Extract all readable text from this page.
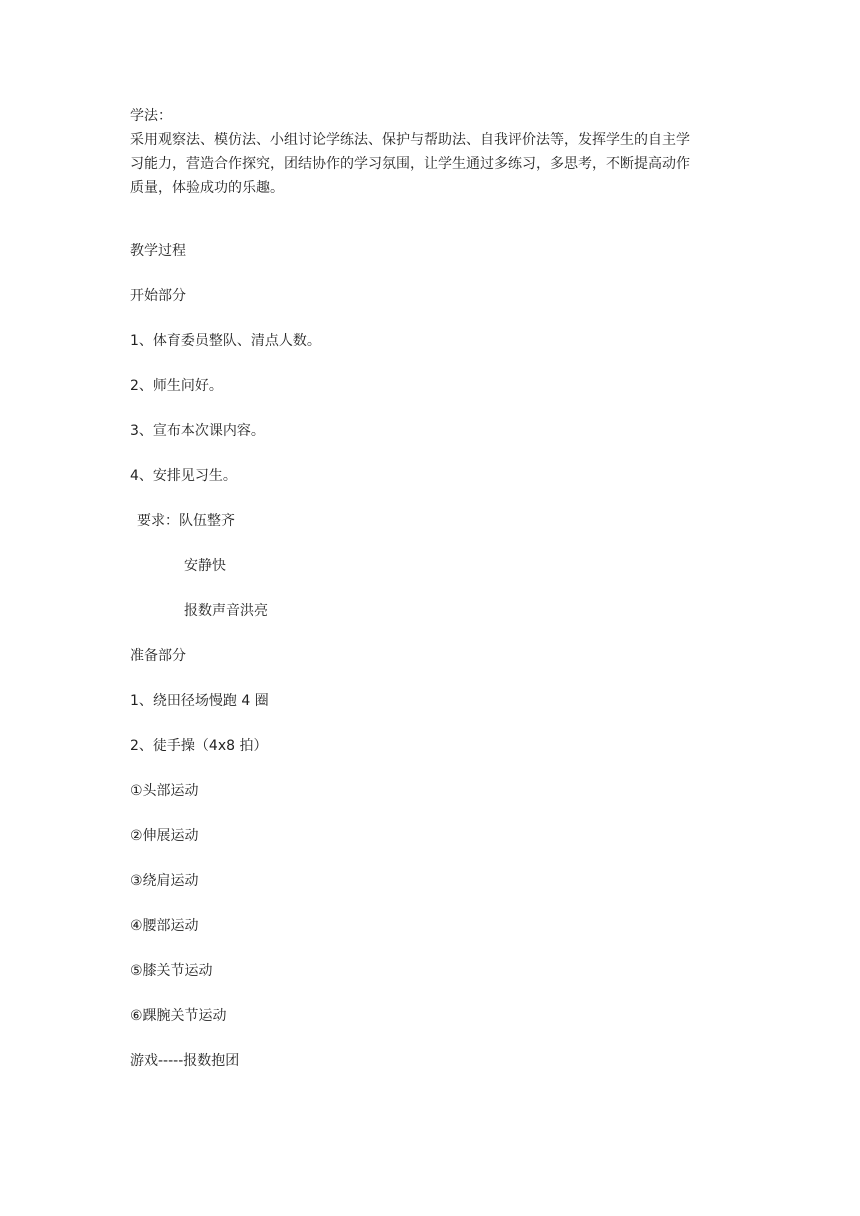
学法：

采用观察法、模仿法、小组讨论学练法、保护与帮助法、自我评价法等，发挥学生的自主学

习能力，营造合作探究，团结协作的学习氛围，让学生通过多练习，多思考，不断提高动作

质量，体验成功的乐趣。

教学过程
开始部分
1、体育委员整队、清点人数。
2、师生问好。
3、宣布本次课内容。
4、安排见习生。
要求：队伍整齐
安静快
报数声音洪亮
准备部分
1、绕田径场慢跑 4 圈
2、徒手操（4x8 拍）
①头部运动
②伸展运动
③绕肩运动
④腰部运动
⑤膝关节运动
⑥踝腕关节运动
游戏-----报数抱团
